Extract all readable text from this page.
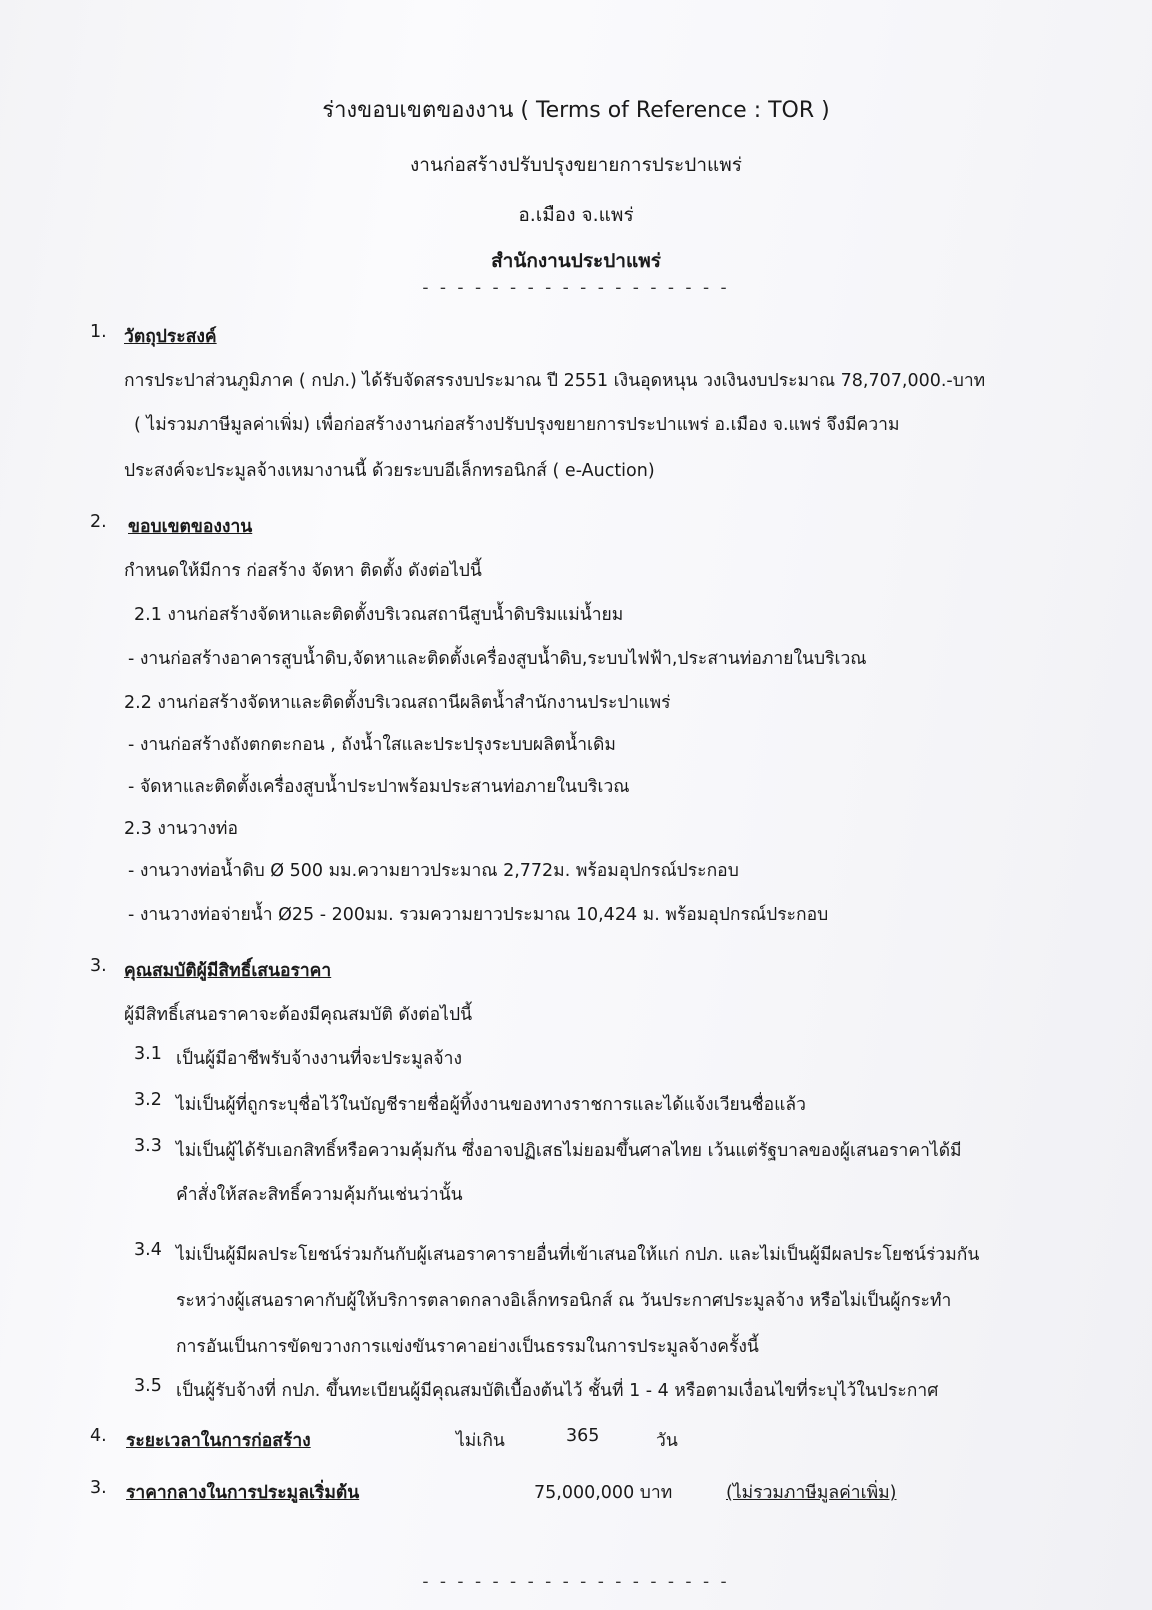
ร่างขอบเขตของงาน ( Terms of Reference : TOR )
งานก่อสร้างปรับปรุงขยายการประปาแพร่
อ.เมือง จ.แพร่
สำนักงานประปาแพร่
- - - - - - - - - - - - - - - - - -
1. วัตถุประสงค์
การประปาส่วนภูมิภาค ( กปภ.) ได้รับจัดสรรงบประมาณ ปี 2551 เงินอุดหนุน วงเงินงบประมาณ 78,707,000.-บาท
( ไม่รวมภาษีมูลค่าเพิ่ม) เพื่อก่อสร้างงานก่อสร้างปรับปรุงขยายการประปาแพร่ อ.เมือง จ.แพร่ จึงมีความ
ประสงค์จะประมูลจ้างเหมางานนี้ ด้วยระบบอีเล็กทรอนิกส์ ( e-Auction)
2. ขอบเขตของงาน
กำหนดให้มีการ ก่อสร้าง จัดหา ติดตั้ง ดังต่อไปนี้
2.1 งานก่อสร้างจัดหาและติดตั้งบริเวณสถานีสูบน้ำดิบริมแม่น้ำยม
- งานก่อสร้างอาคารสูบน้ำดิบ,จัดหาและติดตั้งเครื่องสูบน้ำดิบ,ระบบไฟฟ้า,ประสานท่อภายในบริเวณ
2.2 งานก่อสร้างจัดหาและติดตั้งบริเวณสถานีผลิตน้ำสำนักงานประปาแพร่
- งานก่อสร้างถังตกตะกอน , ถังน้ำใสและประปรุงระบบผลิตน้ำเดิม
- จัดหาและติดตั้งเครื่องสูบน้ำประปาพร้อมประสานท่อภายในบริเวณ
2.3 งานวางท่อ
- งานวางท่อน้ำดิบ Ø 500 มม.ความยาวประมาณ 2,772ม. พร้อมอุปกรณ์ประกอบ
- งานวางท่อจ่ายน้ำ Ø25 - 200มม. รวมความยาวประมาณ 10,424 ม. พร้อมอุปกรณ์ประกอบ
3. คุณสมบัติผู้มีสิทธิ์เสนอราคา
ผู้มีสิทธิ์เสนอราคาจะต้องมีคุณสมบัติ ดังต่อไปนี้
3.1 เป็นผู้มีอาชีพรับจ้างงานที่จะประมูลจ้าง
3.2 ไม่เป็นผู้ที่ถูกระบุชื่อไว้ในบัญชีรายชื่อผู้ทิ้งงานของทางราชการและได้แจ้งเวียนชื่อแล้ว
3.3 ไม่เป็นผู้ได้รับเอกสิทธิ์หรือความคุ้มกัน ซึ่งอาจปฏิเสธไม่ยอมขึ้นศาลไทย เว้นแต่รัฐบาลของผู้เสนอราคาได้มี
คำสั่งให้สละสิทธิ์ความคุ้มกันเช่นว่านั้น
3.4 ไม่เป็นผู้มีผลประโยชน์ร่วมกันกับผู้เสนอราคารายอื่นที่เข้าเสนอให้แก่ กปภ. และไม่เป็นผู้มีผลประโยชน์ร่วมกัน
ระหว่างผู้เสนอราคากับผู้ให้บริการตลาดกลางอิเล็กทรอนิกส์ ณ วันประกาศประมูลจ้าง หรือไม่เป็นผู้กระทำ
การอันเป็นการขัดขวางการแข่งขันราคาอย่างเป็นธรรมในการประมูลจ้างครั้งนี้
3.5 เป็นผู้รับจ้างที่ กปภ. ขึ้นทะเบียนผู้มีคุณสมบัติเบื้องต้นไว้ ชั้นที่ 1 - 4 หรือตามเงื่อนไขที่ระบุไว้ในประกาศ
4. ระยะเวลาในการก่อสร้าง	ไม่เกิน	365	วัน
3. ราคากลางในการประมูลเริ่มต้น	75,000,000 บาท	(ไม่รวมภาษีมูลค่าเพิ่ม)
- - - - - - - - - - - - - - - - - -
